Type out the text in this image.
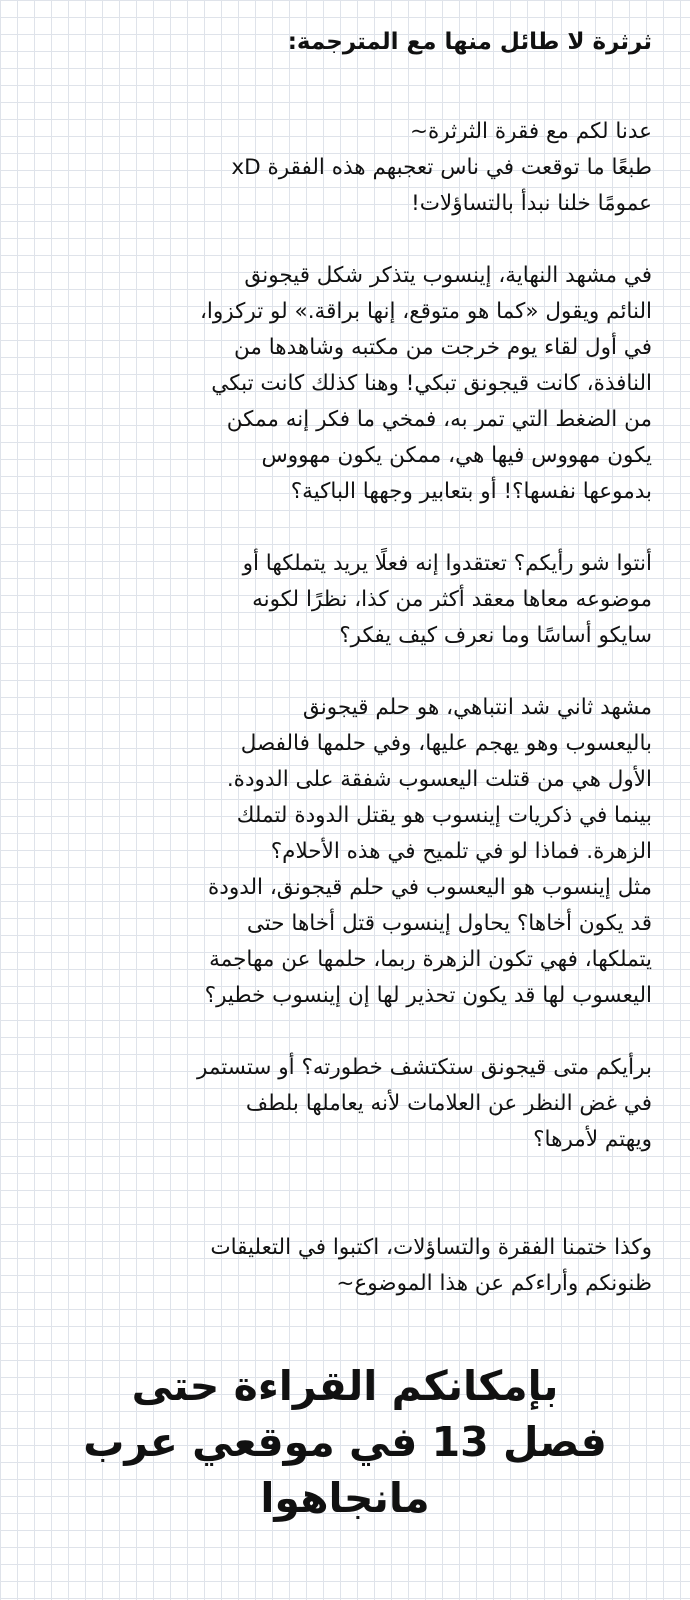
ثرثرة لا طائل منها مع المترجمة:

عدنا لكم مع فقرة الثرثرة~
طبعًا ما توقعت في ناس تعجبهم هذه الفقرة xD
عمومًا خلنا نبدأ بالتساؤلات!

في مشهد النهاية، إينسوب يتذكر شكل قيجونق
النائم ويقول «كما هو متوقع، إنها براقة.» لو تركزوا،
في أول لقاء يوم خرجت من مكتبه وشاهدها من
النافذة، كانت قيجونق تبكي! وهنا كذلك كانت تبكي
من الضغط التي تمر به، فمخي ما فكر إنه ممكن
يكون مهووس فيها هي، ممكن يكون مهووس
بدموعها نفسها؟! أو بتعابير وجهها الباكية؟

أنتوا شو رأيكم؟ تعتقدوا إنه فعلًا يريد يتملكها أو
موضوعه معاها معقد أكثر من كذا، نظرًا لكونه
سايكو أساسًا وما نعرف كيف يفكر؟

مشهد ثاني شد انتباهي، هو حلم قيجونق
باليعسوب وهو يهجم عليها، وفي حلمها فالفصل
الأول هي من قتلت اليعسوب شفقة على الدودة.
بينما في ذكريات إينسوب هو يقتل الدودة لتملك
الزهرة. فماذا لو في تلميح في هذه الأحلام؟
مثل إينسوب هو اليعسوب في حلم قيجونق، الدودة
قد يكون أخاها؟ يحاول إينسوب قتل أخاها حتى
يتملكها، فهي تكون الزهرة ربما، حلمها عن مهاجمة
اليعسوب لها قد يكون تحذير لها إن إينسوب خطير؟

برأيكم متى قيجونق ستكتشف خطورته؟ أو ستستمر
في غض النظر عن العلامات لأنه يعاملها بلطف
ويهتم لأمرها؟

وكذا ختمنا الفقرة والتساؤلات، اكتبوا في التعليقات
ظنونكم وأراءكم عن هذا الموضوع~

بإمكانكم القراءة حتى
فصل 13 في موقعي عرب
مانجاهوا
